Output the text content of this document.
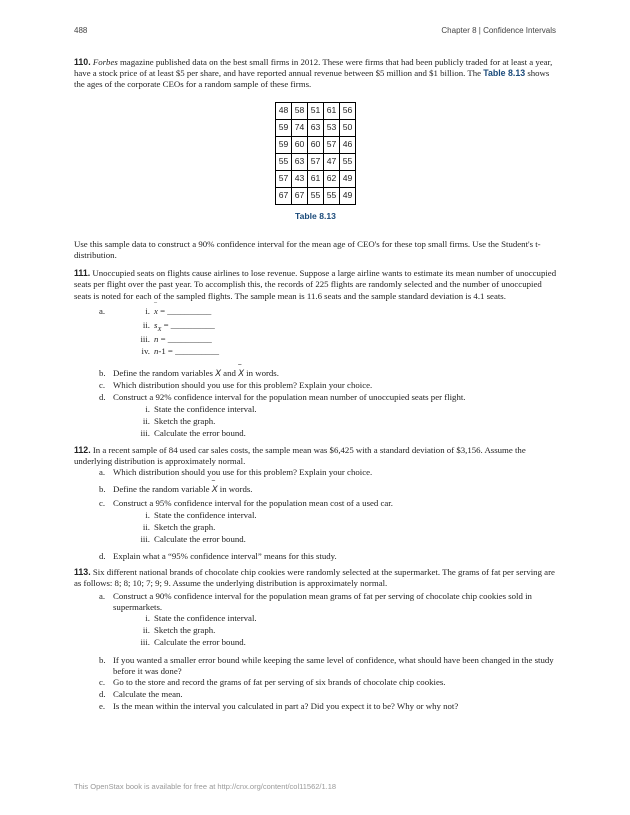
488	Chapter 8 | Confidence Intervals

110. Forbes magazine published data on the best small firms in 2012. These were firms that had been publicly traded for at least a year, have a stock price of at least $5 per share, and have reported annual revenue between $5 million and $1 billion. The Table 8.13 shows the ages of the corporate CEOs for a random sample of these firms.

48	58	51	61	56
59	74	63	53	50
59	60	60	57	46
55	63	57	47	55
57	43	61	62	49
67	67	55	55	49
Table 8.13

Use this sample data to construct a 90% confidence interval for the mean age of CEO's for these top small firms. Use the Student's t-distribution.

111. Unoccupied seats on flights cause airlines to lose revenue. Suppose a large airline wants to estimate its mean number of unoccupied seats per flight over the past year. To accomplish this, the records of 225 flights are randomly selected and the number of unoccupied seats is noted for each of the sampled flights. The sample mean is 11.6 seats and the sample standard deviation is 4.1 seats.

a.	i. – x = __________
ii. $s_X$ = __________
iii. n = __________
iv. n-1 = __________
b. Define the random variables X and – X in words.
c. Which distribution should you use for this problem? Explain your choice.
d. Construct a 92% confidence interval for the population mean number of unoccupied seats per flight.
i. State the confidence interval.
ii. Sketch the graph.
iii. Calculate the error bound.

112. In a recent sample of 84 used car sales costs, the sample mean was $6,425 with a standard deviation of $3,156. Assume the underlying distribution is approximately normal.

a. Which distribution should you use for this problem? Explain your choice.
b. Define the random variable – X in words.
c. Construct a 95% confidence interval for the population mean cost of a used car.
i. State the confidence interval.
ii. Sketch the graph.
iii. Calculate the error bound.
d. Explain what a “95% confidence interval” means for this study.

113. Six different national brands of chocolate chip cookies were randomly selected at the supermarket. The grams of fat per serving are as follows: 8; 8; 10; 7; 9; 9. Assume the underlying distribution is approximately normal.

a. Construct a 90% confidence interval for the population mean grams of fat per serving of chocolate chip cookies sold in supermarkets.
i. State the confidence interval.
ii. Sketch the graph.
iii. Calculate the error bound.
b. If you wanted a smaller error bound while keeping the same level of confidence, what should have been changed in the study before it was done?
c. Go to the store and record the grams of fat per serving of six brands of chocolate chip cookies.
d. Calculate the mean.
e. Is the mean within the interval you calculated in part a? Did you expect it to be? Why or why not?
This OpenStax book is available for free at http://cnx.org/content/col11562/1.18
